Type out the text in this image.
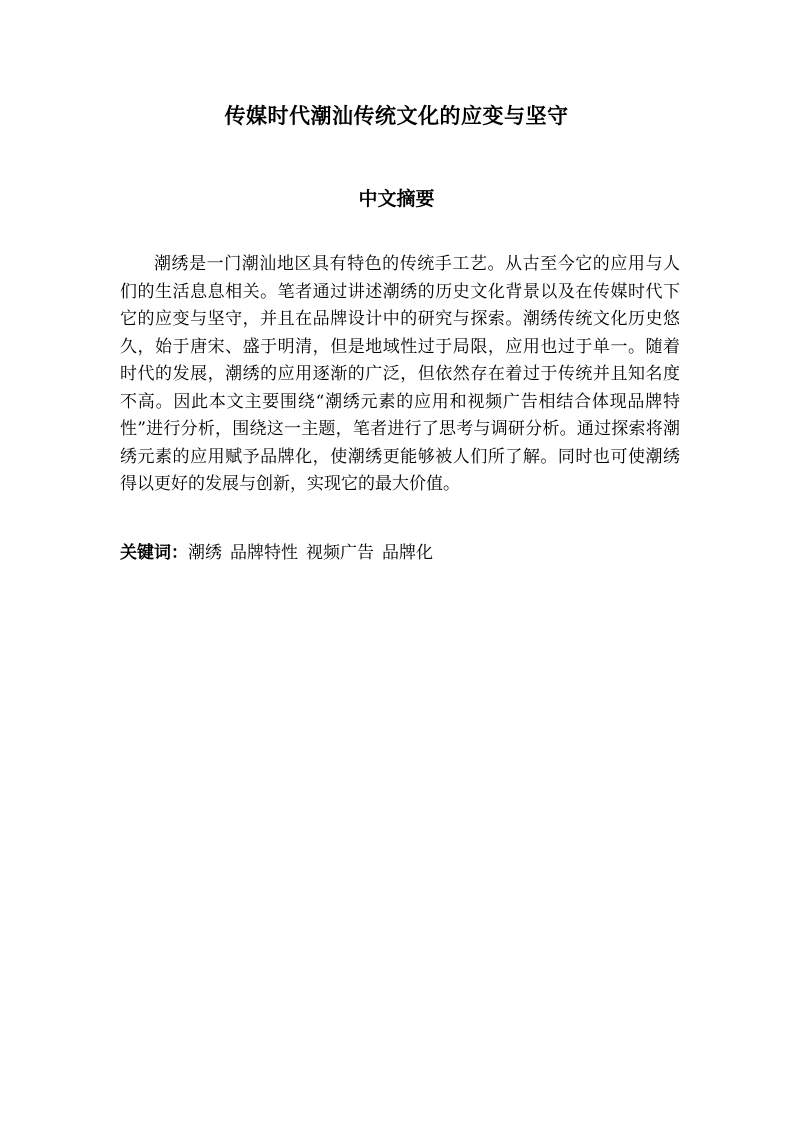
传媒时代潮汕传统文化的应变与坚守
中文摘要

潮绣是一门潮汕地区具有特色的传统手工艺。从古至今它的应用与人们的生活息息相关。笔者通过讲述潮绣的历史文化背景以及在传媒时代下它的应变与坚守，并且在品牌设计中的研究与探索。潮绣传统文化历史悠久，始于唐宋、盛于明清，但是地域性过于局限，应用也过于单一。随着时代的发展，潮绣的应用逐渐的广泛，但依然存在着过于传统并且知名度不高。因此本文主要围绕“潮绣元素的应用和视频广告相结合体现品牌特性”进行分析，围绕这一主题，笔者进行了思考与调研分析。通过探索将潮绣元素的应用赋予品牌化，使潮绣更能够被人们所了解。同时也可使潮绣得以更好的发展与创新，实现它的最大价值。

关键词：潮绣 品牌特性 视频广告 品牌化
